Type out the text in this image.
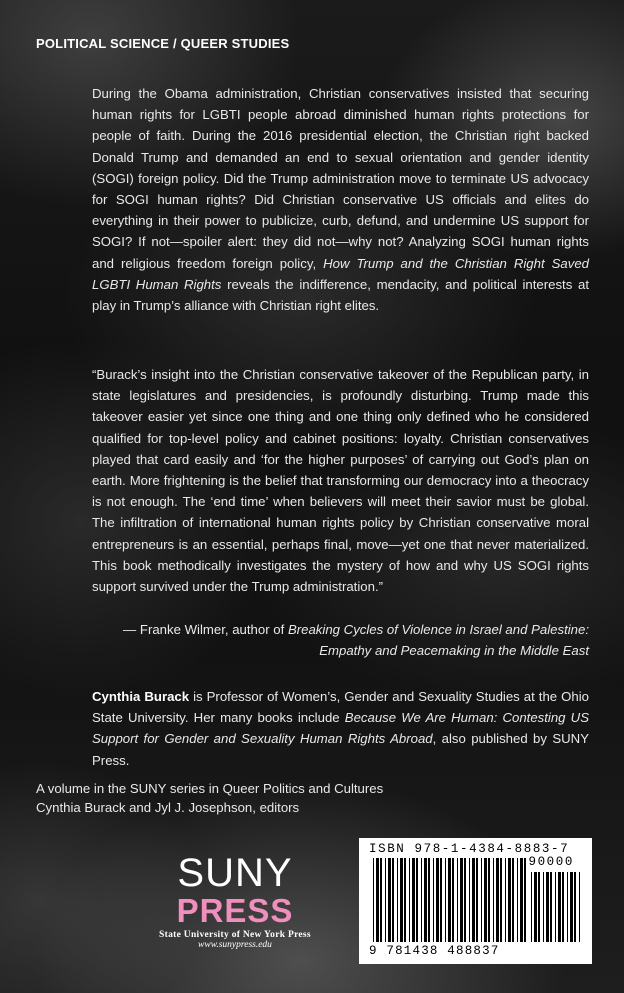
POLITICAL SCIENCE / QUEER STUDIES

During the Obama administration, Christian conservatives insisted that securing human rights for LGBTI people abroad diminished human rights protections for people of faith. During the 2016 presidential election, the Christian right backed Donald Trump and demanded an end to sexual orientation and gender identity (SOGI) foreign policy. Did the Trump administration move to terminate US advocacy for SOGI human rights? Did Christian conservative US officials and elites do everything in their power to publicize, curb, defund, and undermine US support for SOGI? If not—spoiler alert: they did not—why not? Analyzing SOGI human rights and religious freedom foreign policy, How Trump and the Christian Right Saved LGBTI Human Rights reveals the indifference, mendacity, and political interests at play in Trump’s alliance with Christian right elites.

“Burack’s insight into the Christian conservative takeover of the Republican party, in state legislatures and presidencies, is profoundly disturbing. Trump made this takeover easier yet since one thing and one thing only defined who he considered qualified for top-level policy and cabinet positions: loyalty. Christian conservatives played that card easily and ‘for the higher purposes’ of carrying out God’s plan on earth. More frightening is the belief that transforming our democracy into a theocracy is not enough. The ‘end time’ when believers will meet their savior must be global. The infiltration of international human rights policy by Christian conservative moral entrepreneurs is an essential, perhaps final, move—yet one that never materialized. This book methodically investigates the mystery of how and why US SOGI rights support survived under the Trump administration.”

— Franke Wilmer, author of Breaking Cycles of Violence in Israel and Palestine:
Empathy and Peacemaking in the Middle East

Cynthia Burack is Professor of Women’s, Gender and Sexuality Studies at the Ohio State University. Her many books include Because We Are Human: Contesting US Support for Gender and Sexuality Human Rights Abroad, also published by SUNY Press.

A volume in the SUNY series in Queer Politics and Cultures
Cynthia Burack and Jyl J. Josephson, editors
SUNY
PRESS
State University of New York Press
www.sunypress.edu
ISBN 978-1-4384-8883-7
90000
9 781438 488837
